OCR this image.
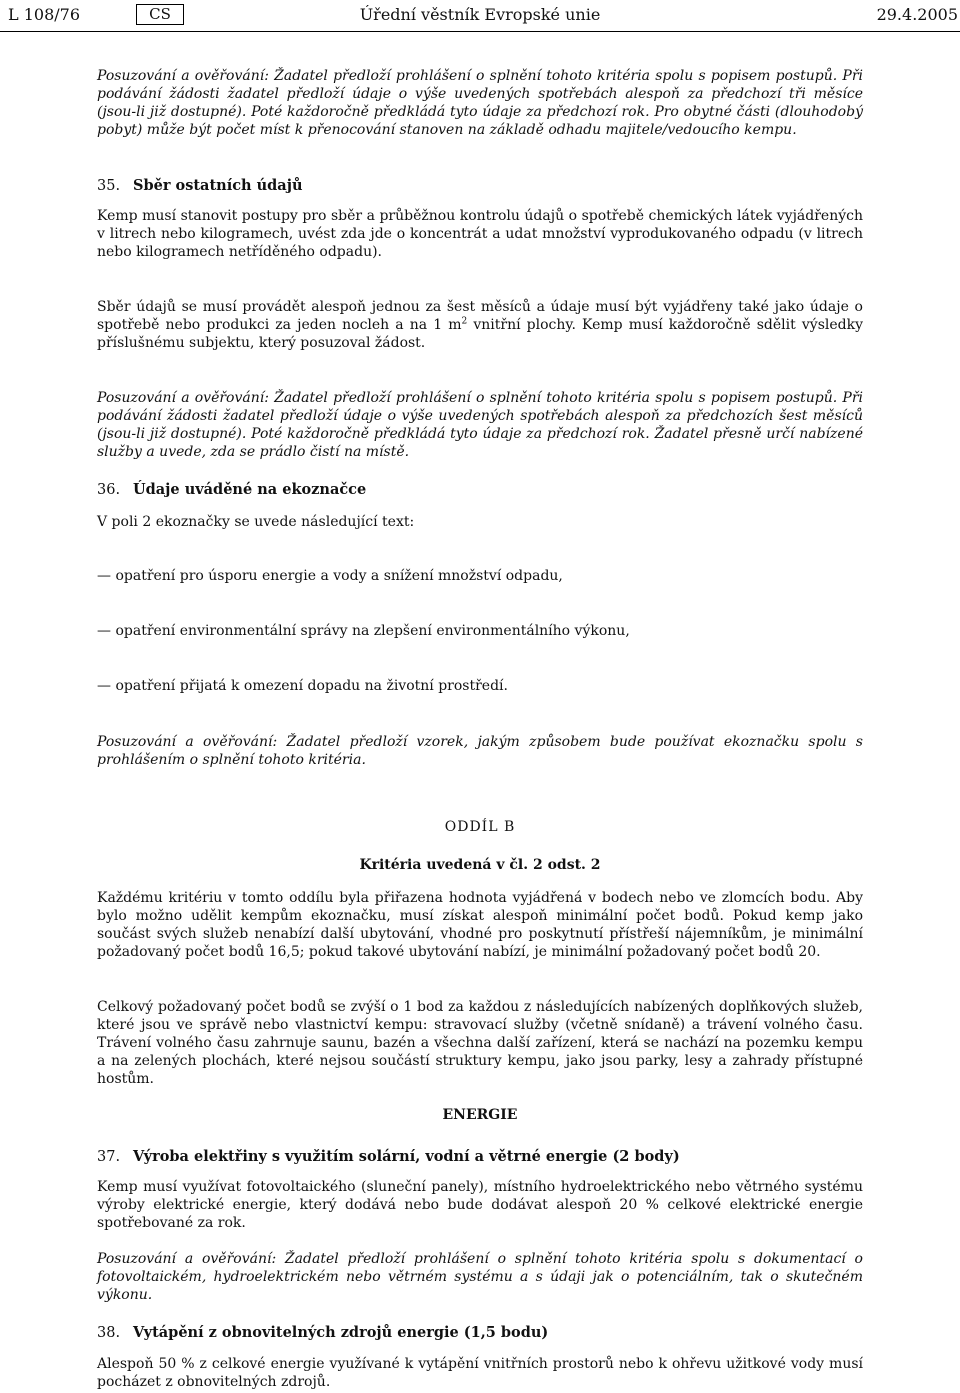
L 108/76	CS	Úřední věstník Evropské unie	29.4.2005
Posuzování a ověřování: Žadatel předloží prohlášení o splnění tohoto kritéria spolu s popisem postupů. Při podávání žádosti žadatel předloží údaje o výše uvedených spotřebách alespoň za předchozí tři měsíce (jsou-li již dostupné). Poté každoročně předkládá tyto údaje za předchozí rok. Pro obytné části (dlouhodobý pobyt) může být počet míst k přenocování stanoven na základě odhadu majitele/vedoucího kempu.
35. Sběr ostatních údajů
Kemp musí stanovit postupy pro sběr a průběžnou kontrolu údajů o spotřebě chemických látek vyjádřených v litrech nebo kilogramech, uvést zda jde o koncentrát a udat množství vyprodukovaného odpadu (v litrech nebo kilogramech netříděného odpadu).
Sběr údajů se musí provádět alespoň jednou za šest měsíců a údaje musí být vyjádřeny také jako údaje o spotřebě nebo produkci za jeden nocleh a na 1 $m^2$ vnitřní plochy. Kemp musí každoročně sdělit výsledky příslušnému subjektu, který posuzoval žádost.
Posuzování a ověřování: Žadatel předloží prohlášení o splnění tohoto kritéria spolu s popisem postupů. Při podávání žádosti žadatel předloží údaje o výše uvedených spotřebách alespoň za předchozích šest měsíců (jsou-li již dostupné). Poté každoročně předkládá tyto údaje za předchozí rok. Žadatel přesně určí nabízené služby a uvede, zda se prádlo čistí na místě.
36. Údaje uváděné na ekoznačce
V poli 2 ekoznačky se uvede následující text:
— opatření pro úsporu energie a vody a snížení množství odpadu,
— opatření environmentální správy na zlepšení environmentálního výkonu,
— opatření přijatá k omezení dopadu na životní prostředí.
Posuzování a ověřování: Žadatel předloží vzorek, jakým způsobem bude používat ekoznačku spolu s prohlášením o splnění tohoto kritéria.
ODDÍL B
Kritéria uvedená v čl. 2 odst. 2
Každému kritériu v tomto oddílu byla přiřazena hodnota vyjádřená v bodech nebo ve zlomcích bodu. Aby bylo možno udělit kempům ekoznačku, musí získat alespoň minimální počet bodů. Pokud kemp jako součást svých služeb nenabízí další ubytování, vhodné pro poskytnutí přístřeší nájemníkům, je minimální požadovaný počet bodů 16,5; pokud takové ubytování nabízí, je minimální požadovaný počet bodů 20.
Celkový požadovaný počet bodů se zvýší o 1 bod za každou z následujících nabízených doplňkových služeb, které jsou ve správě nebo vlastnictví kempu: stravovací služby (včetně snídaně) a trávení volného času. Trávení volného času zahrnuje saunu, bazén a všechna další zařízení, která se nachází na pozemku kempu a na zelených plochách, které nejsou součástí struktury kempu, jako jsou parky, lesy a zahrady přístupné hostům.
ENERGIE
37. Výroba elektřiny s využitím solární, vodní a větrné energie (2 body)
Kemp musí využívat fotovoltaického (sluneční panely), místního hydroelektrického nebo větrného systému výroby elektrické energie, který dodává nebo bude dodávat alespoň 20 % celkové elektrické energie spotřebované za rok.
Posuzování a ověřování: Žadatel předloží prohlášení o splnění tohoto kritéria spolu s dokumentací o fotovoltaickém, hydroelektrickém nebo větrném systému a s údaji jak o potenciálním, tak o skutečném výkonu.
38. Vytápění z obnovitelných zdrojů energie (1,5 bodu)
Alespoň 50 % z celkové energie využívané k vytápění vnitřních prostorů nebo k ohřevu užitkové vody musí pocházet z obnovitelných zdrojů.
